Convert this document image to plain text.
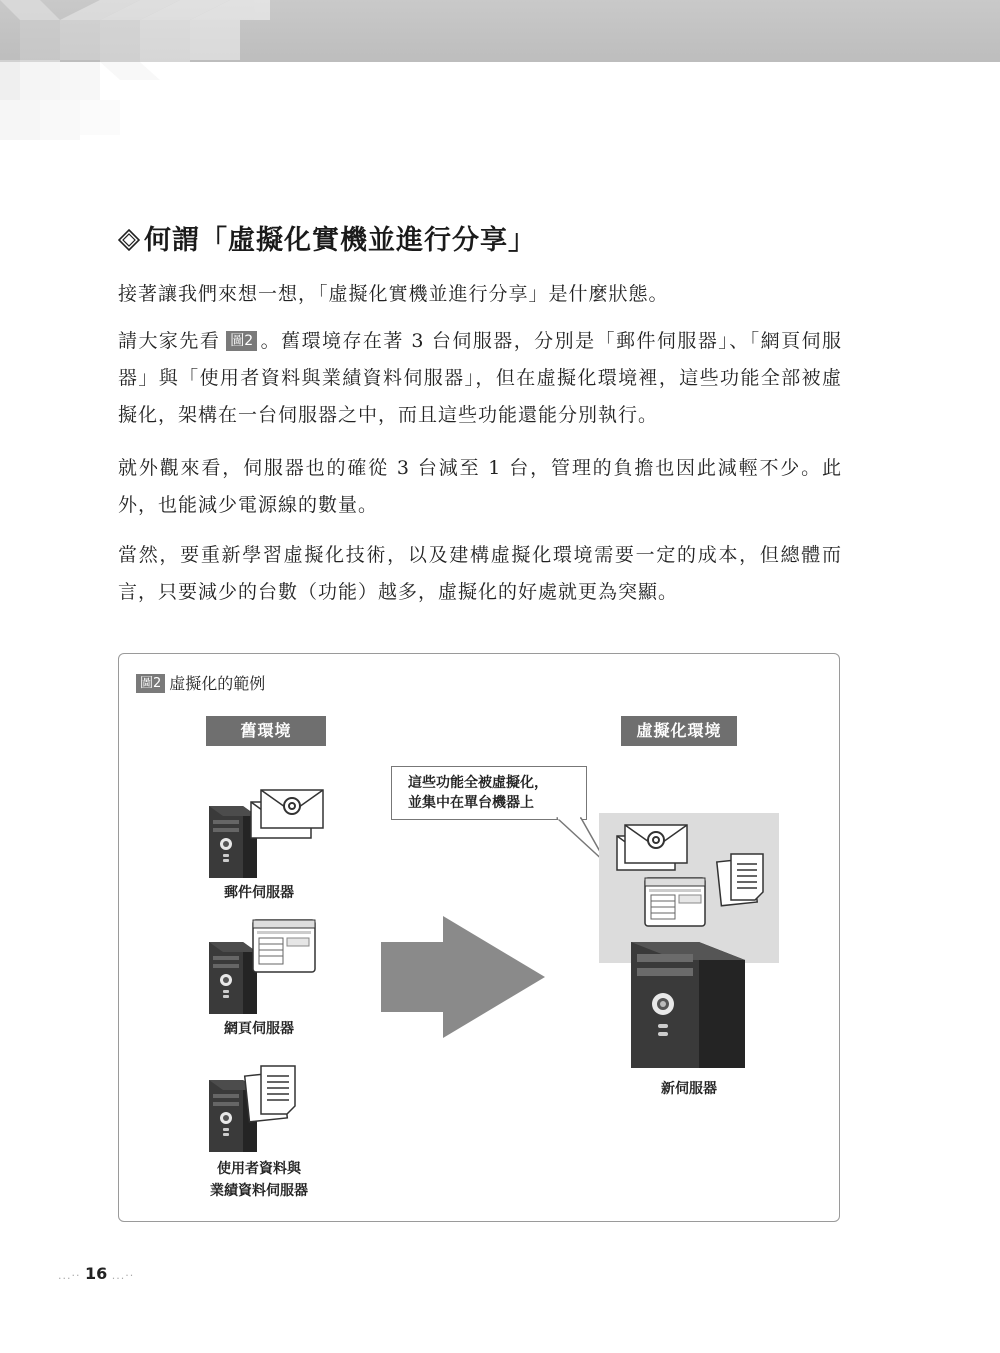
何謂「虛擬化實機並進行分享」

接著讓我們來想一想，「虛擬化實機並進行分享」是什麼狀態。

請大家先看 圖2 。舊環境存在著 3 台伺服器，分別是「郵件伺服器」、「網頁伺服器」與「使用者資料與業績資料伺服器」，但在虛擬化環境裡，這些功能全部被虛擬化，架構在一台伺服器之中，而且這些功能還能分別執行。

就外觀來看，伺服器也的確從 3 台減至 1 台，管理的負擔也因此減輕不少。此外，也能減少電源線的數量。

當然，要重新學習虛擬化技術，以及建構虛擬化環境需要一定的成本，但總體而言，只要減少的台數（功能）越多，虛擬化的好處就更為突顯。

圖2 虛擬化的範例
舊環境	虛擬化環境
郵件伺服器
網頁伺服器
使用者資料與
業績資料伺服器
這些功能全被虛擬化，
並集中在單台機器上
新伺服器
...·· 16 ...··
